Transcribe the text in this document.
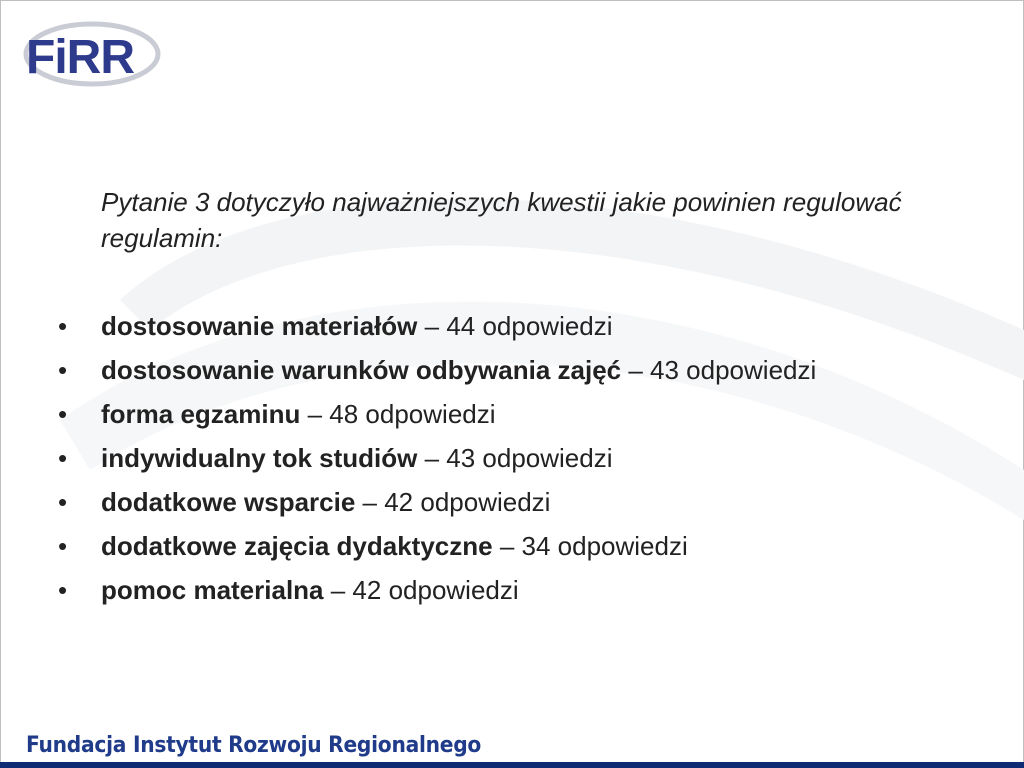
FiRR
Pytanie 3 dotyczyło najważniejszych kwestii jakie powinien regulować regulamin:
•	dostosowanie materiałów – 44 odpowiedzi
•	dostosowanie warunków odbywania zajęć – 43 odpowiedzi
•	forma egzaminu – 48 odpowiedzi
•	indywidualny tok studiów – 43 odpowiedzi
•	dodatkowe wsparcie – 42 odpowiedzi
•	dodatkowe zajęcia dydaktyczne – 34 odpowiedzi
•	pomoc materialna – 42 odpowiedzi
Fundacja Instytut Rozwoju Regionalnego
